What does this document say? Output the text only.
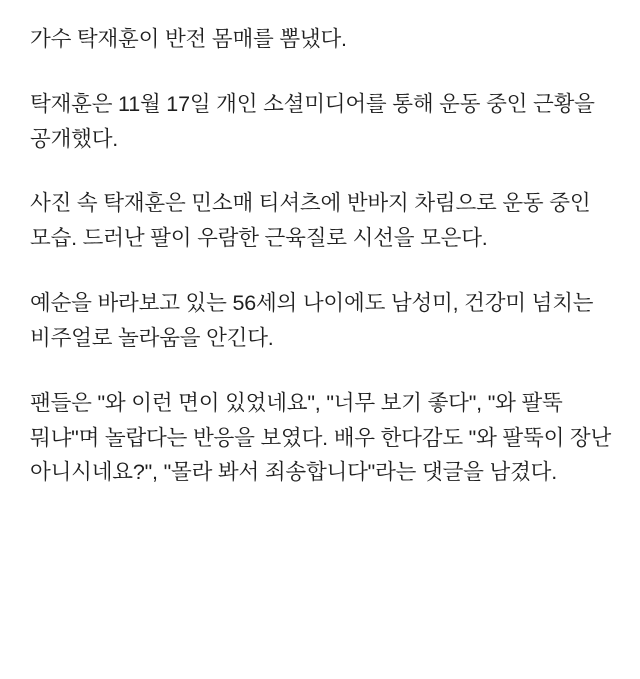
가수 탁재훈이 반전 몸매를 뽐냈다.

탁재훈은 11월 17일 개인 소셜미디어를 통해 운동 중인 근황을 공개했다.

사진 속 탁재훈은 민소매 티셔츠에 반바지 차림으로 운동 중인 모습. 드러난 팔이 우람한 근육질로 시선을 모은다.

예순을 바라보고 있는 56세의 나이에도 남성미, 건강미 넘치는 비주얼로 놀라움을 안긴다.

팬들은 "와 이런 면이 있었네요", "너무 보기 좋다", "와 팔뚝 뭐냐"며 놀랍다는 반응을 보였다. 배우 한다감도 "와 팔뚝이 장난 아니시네요?", "몰라 봐서 죄송합니다"라는 댓글을 남겼다.
